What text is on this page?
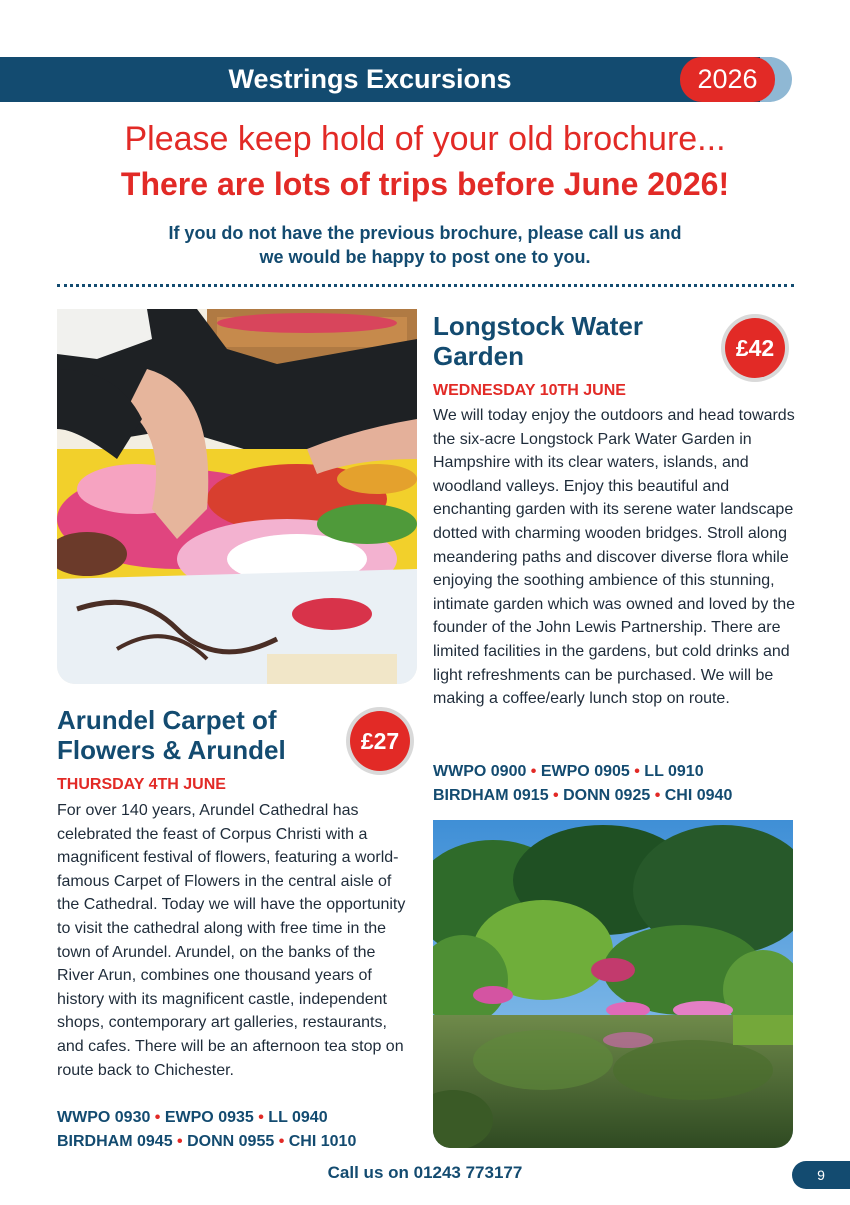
Westrings Excursions	2026
Please keep hold of your old brochure...
There are lots of trips before June 2026!
If you do not have the previous brochure, please call us and
we would be happy to post one to you.
Arundel Carpet of
Flowers & Arundel	£27
THURSDAY 4TH JUNE
For over 140 years, Arundel Cathedral has celebrated the feast of Corpus Christi with a magnificent festival of flowers, featuring a world-famous Carpet of Flowers in the central aisle of the Cathedral. Today we will have the opportunity to visit the cathedral along with free time in the town of Arundel. Arundel, on the banks of the River Arun, combines one thousand years of history with its magnificent castle, independent shops, contemporary art galleries, restaurants, and cafes. There will be an afternoon tea stop on route back to Chichester.
WWPO 0930 • EWPO 0935 • LL 0940
BIRDHAM 0945 • DONN 0955 • CHI 1010
Longstock Water
Garden	£42
WEDNESDAY 10TH JUNE
We will today enjoy the outdoors and head towards the six-acre Longstock Park Water Garden in Hampshire with its clear waters, islands, and woodland valleys. Enjoy this beautiful and enchanting garden with its serene water landscape dotted with charming wooden bridges. Stroll along meandering paths and discover diverse flora while enjoying the soothing ambience of this stunning, intimate garden which was owned and loved by the founder of the John Lewis Partnership. There are limited facilities in the gardens, but cold drinks and light refreshments can be purchased. We will be making a coffee/early lunch stop on route.
WWPO 0900 • EWPO 0905 • LL 0910
BIRDHAM 0915 • DONN 0925 • CHI 0940
Call us on 01243 773177	9
